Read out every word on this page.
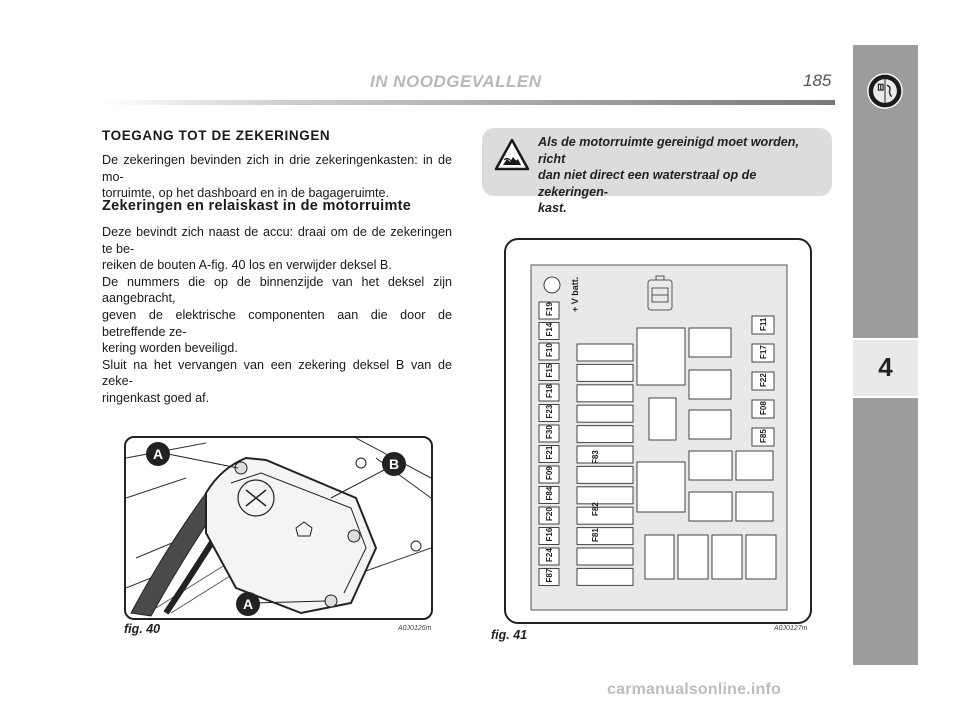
IN NOODGEVALLEN	185
4
TOEGANG TOT DE ZEKERINGEN
De zekeringen bevinden zich in drie zekeringenkasten: in de mo-
torruimte, op het dashboard en in de bagageruimte.
Zekeringen en relaiskast in de motorruimte
Deze bevindt zich naast de accu: draai om de de zekeringen te be-
reiken de bouten A-fig. 40 los en verwijder deksel B.
De nummers die op de binnenzijde van het deksel zijn aangebracht,
geven de elektrische componenten aan die door de betreffende ze-
kering worden beveiligd.
Sluit na het vervangen van een zekering deksel B van de zeke-
ringenkast goed af.
Als de motorruimte gereinigd moet worden, richt
dan niet direct een waterstraal op de zekeringen-
kast.
A
B
A
fig. 40	A0J0126m
+ V batt.
F19
F14
F10
F15
F18
F23
F30
F21
F09
F84
F20
F16
F24
F87
F83
F82
F81
F11
F17
F22
F08
F85
fig. 41	A0J0127m
carmanualsonline.info
